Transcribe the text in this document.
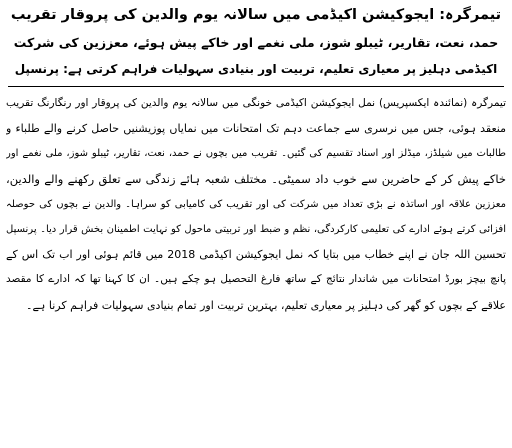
تیمرگرہ: ایجوکیشن اکیڈمی میں سالانہ یوم والدین کی پروقار تقریب
حمد، نعت، تقاریر، ٹیبلو شوز، ملی نغمے اور خاکے پیش ہوئے، معززین کی شرکت
اکیڈمی دہلیز پر معیاری تعلیم، تربیت اور بنیادی سہولیات فراہم کرتی ہے: پرنسپل
تیمرگرہ (نمائندہ ایکسپریس) نمل ایجوکیشن اکیڈمی خونگی میں سالانہ یوم والدین کی پروقار اور رنگارنگ تقریب
منعقد ہوئی، جس میں نرسری سے جماعت دہم تک امتحانات میں نمایاں پوزیشنیں حاصل کرنے والے طلباء و
طالبات میں شیلڈز، میڈلز اور اسناد تقسیم کی گئیں۔ تقریب میں بچوں نے حمد، نعت، تقاریر، ٹیبلو شوز، ملی نغمے اور
خاکے پیش کر کے حاضرین سے خوب داد سمیٹی۔ مختلف شعبہ ہائے زندگی سے تعلق رکھنے والے والدین،
معززین علاقہ اور اساتذہ نے بڑی تعداد میں شرکت کی اور تقریب کی کامیابی کو سراہا۔ والدین نے بچوں کی حوصلہ
افزائی کرتے ہوئے ادارے کی تعلیمی کارکردگی، نظم و ضبط اور تربیتی ماحول کو نہایت اطمینان بخش قرار دیا۔ پرنسپل
تحسین اللہ جان نے اپنے خطاب میں بتایا کہ نمل ایجوکیشن اکیڈمی 2018 میں قائم ہوئی اور اب تک اس کے
پانچ بیچز بورڈ امتحانات میں شاندار نتائج کے ساتھ فارغ التحصیل ہو چکے ہیں۔ ان کا کہنا تھا کہ ادارے کا مقصد
علاقے کے بچوں کو گھر کی دہلیز پر معیاری تعلیم، بہترین تربیت اور تمام بنیادی سہولیات فراہم کرنا ہے۔
